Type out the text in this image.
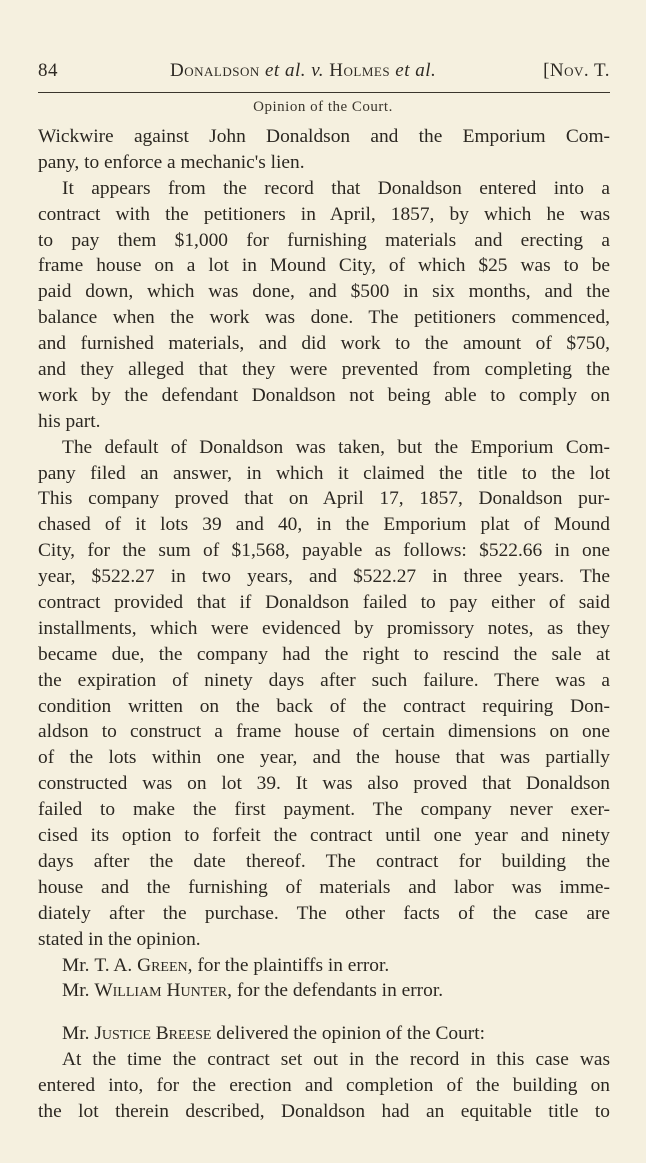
84	Donaldson et al. v. Holmes et al.	[Nov. T.
Opinion of the Court.
Wickwire against John Donaldson and the Emporium Com-
pany, to enforce a mechanic's lien.
It appears from the record that Donaldson entered into a
contract with the petitioners in April, 1857, by which he was
to pay them $1,000 for furnishing materials and erecting a
frame house on a lot in Mound City, of which $25 was to be
paid down, which was done, and $500 in six months, and the
balance when the work was done. The petitioners commenced,
and furnished materials, and did work to the amount of $750,
and they alleged that they were prevented from completing the
work by the defendant Donaldson not being able to comply on
his part.
The default of Donaldson was taken, but the Emporium Com-
pany filed an answer, in which it claimed the title to the lot
This company proved that on April 17, 1857, Donaldson pur-
chased of it lots 39 and 40, in the Emporium plat of Mound
City, for the sum of $1,568, payable as follows: $522.66 in one
year, $522.27 in two years, and $522.27 in three years. The
contract provided that if Donaldson failed to pay either of said
installments, which were evidenced by promissory notes, as they
became due, the company had the right to rescind the sale at
the expiration of ninety days after such failure. There was a
condition written on the back of the contract requiring Don-
aldson to construct a frame house of certain dimensions on one
of the lots within one year, and the house that was partially
constructed was on lot 39. It was also proved that Donaldson
failed to make the first payment. The company never exer-
cised its option to forfeit the contract until one year and ninety
days after the date thereof. The contract for building the
house and the furnishing of materials and labor was imme-
diately after the purchase. The other facts of the case are
stated in the opinion.
Mr. T. A. Green, for the plaintiffs in error.
Mr. William Hunter, for the defendants in error.
Mr. Justice Breese delivered the opinion of the Court:
At the time the contract set out in the record in this case was
entered into, for the erection and completion of the building on
the lot therein described, Donaldson had an equitable title to
